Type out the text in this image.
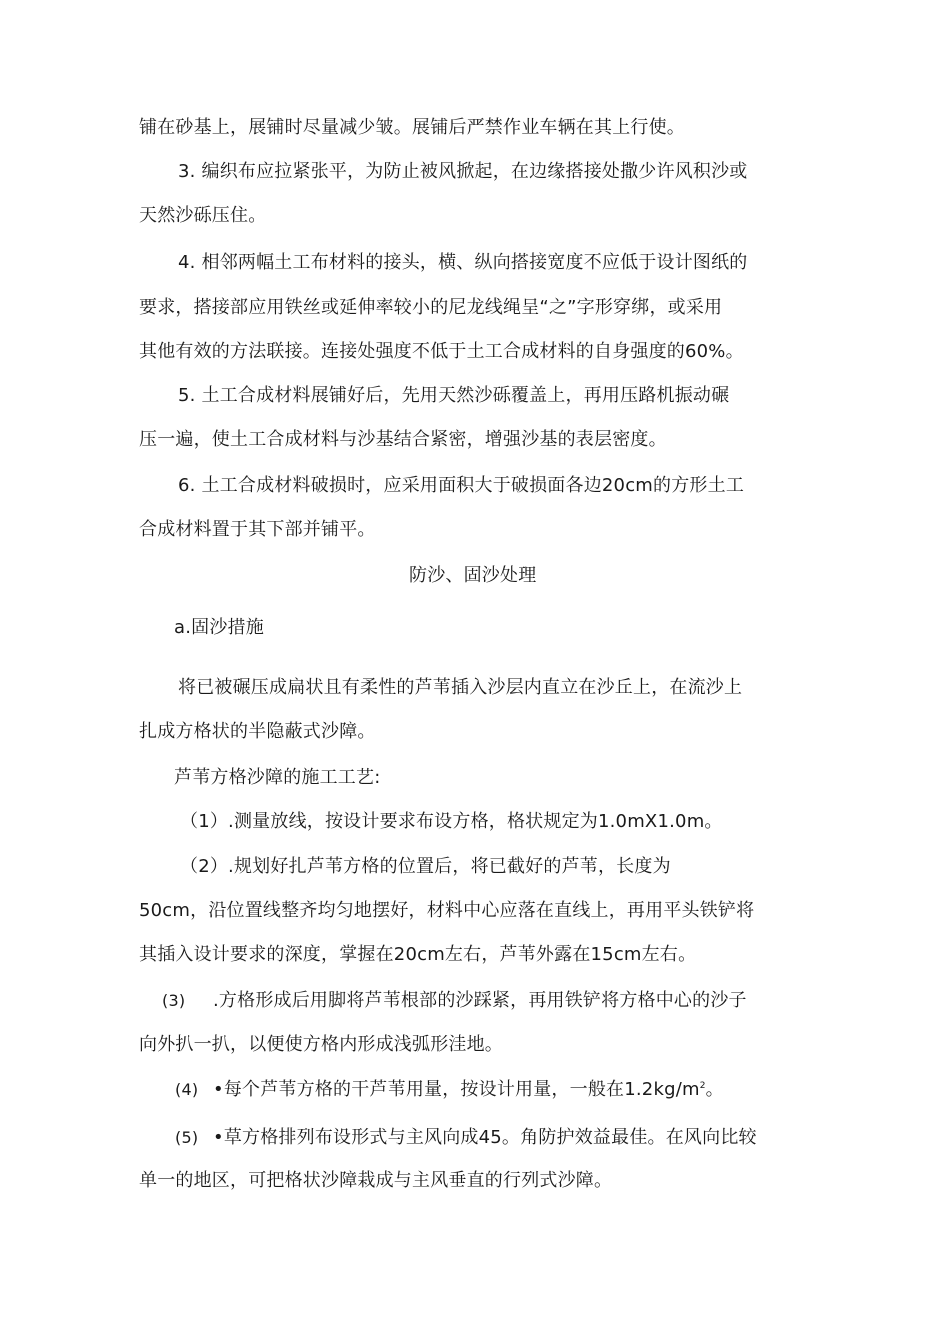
铺在砂基上，展铺时尽量减少皱。展铺后严禁作业车辆在其上行使。
3. 编织布应拉紧张平，为防止被风掀起，在边缘搭接处撒少许风积沙或
天然沙砾压住。
4. 相邻两幅土工布材料的接头，横、纵向搭接宽度不应低于设计图纸的
要求，搭接部应用铁丝或延伸率较小的尼龙线绳呈“之”字形穿绑，或采用
其他有效的方法联接。连接处强度不低于土工合成材料的自身强度的60%。
5. 土工合成材料展铺好后，先用天然沙砾覆盖上，再用压路机振动碾
压一遍，使土工合成材料与沙基结合紧密，增强沙基的表层密度。
6. 土工合成材料破损时，应采用面积大于破损面各边20cm的方形土工
合成材料置于其下部并铺平。
防沙、固沙处理
a.固沙措施
将已被碾压成扁状且有柔性的芦苇插入沙层内直立在沙丘上，在流沙上
扎成方格状的半隐蔽式沙障。
芦苇方格沙障的施工工艺:
（1）.测量放线，按设计要求布设方格，格状规定为1.0mX1.0m。
（2）.规划好扎芦苇方格的位置后，将已截好的芦苇，长度为
50cm，沿位置线整齐均匀地摆好，材料中心应落在直线上，再用平头铁铲将
其插入设计要求的深度，掌握在20cm左右，芦苇外露在15cm左右。
(3) .方格形成后用脚将芦苇根部的沙踩紧，再用铁铲将方格中心的沙子
向外扒一扒，以便使方格内形成浅弧形洼地。
(4) •每个芦苇方格的干芦苇用量，按设计用量，一般在$1.2kg/m^2$。
(5) •草方格排列布设形式与主风向成45。角防护效益最佳。在风向比较
单一的地区，可把格状沙障栽成与主风垂直的行列式沙障。
